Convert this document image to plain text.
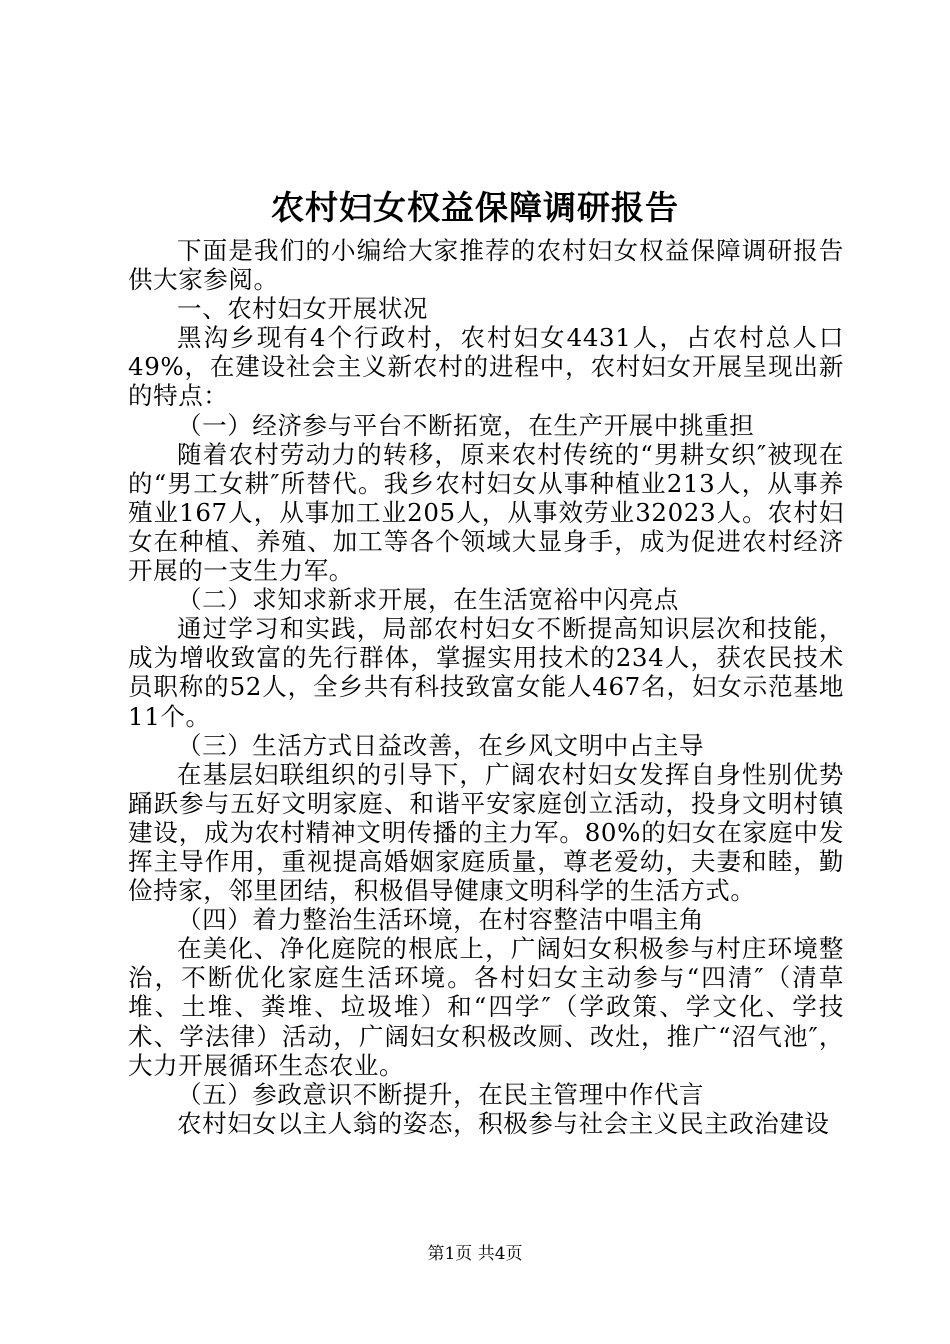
农村妇女权益保障调研报告

下面是我们的小编给大家推荐的农村妇女权益保障调研报告供大家参阅。

一、农村妇女开展状况

黑沟乡现有4个行政村，农村妇女4431人，占农村总人口49%，在建设社会主义新农村的进程中，农村妇女开展呈现出新的特点：

（一）经济参与平台不断拓宽，在生产开展中挑重担

随着农村劳动力的转移，原来农村传统的“男耕女织″被现在的“男工女耕″所替代。我乡农村妇女从事种植业213人，从事养殖业167人，从事加工业205人，从事效劳业32023人。农村妇女在种植、养殖、加工等各个领域大显身手，成为促进农村经济开展的一支生力军。

（二）求知求新求开展，在生活宽裕中闪亮点

通过学习和实践，局部农村妇女不断提高知识层次和技能，成为增收致富的先行群体，掌握实用技术的234人，获农民技术员职称的52人，全乡共有科技致富女能人467名，妇女示范基地11个。

（三）生活方式日益改善，在乡风文明中占主导

在基层妇联组织的引导下，广阔农村妇女发挥自身性别优势踊跃参与五好文明家庭、和谐平安家庭创立活动，投身文明村镇建设，成为农村精神文明传播的主力军。80%的妇女在家庭中发挥主导作用，重视提高婚姻家庭质量，尊老爱幼，夫妻和睦，勤俭持家，邻里团结，积极倡导健康文明科学的生活方式。

（四）着力整治生活环境，在村容整洁中唱主角

在美化、净化庭院的根底上，广阔妇女积极参与村庄环境整治，不断优化家庭生活环境。各村妇女主动参与“四清″（清草堆、土堆、粪堆、垃圾堆）和“四学″（学政策、学文化、学技术、学法律）活动，广阔妇女积极改厕、改灶，推广“沼气池″，大力开展循环生态农业。

（五）参政意识不断提升，在民主管理中作代言

农村妇女以主人翁的姿态，积极参与社会主义民主政治建设

第1页 共4页
